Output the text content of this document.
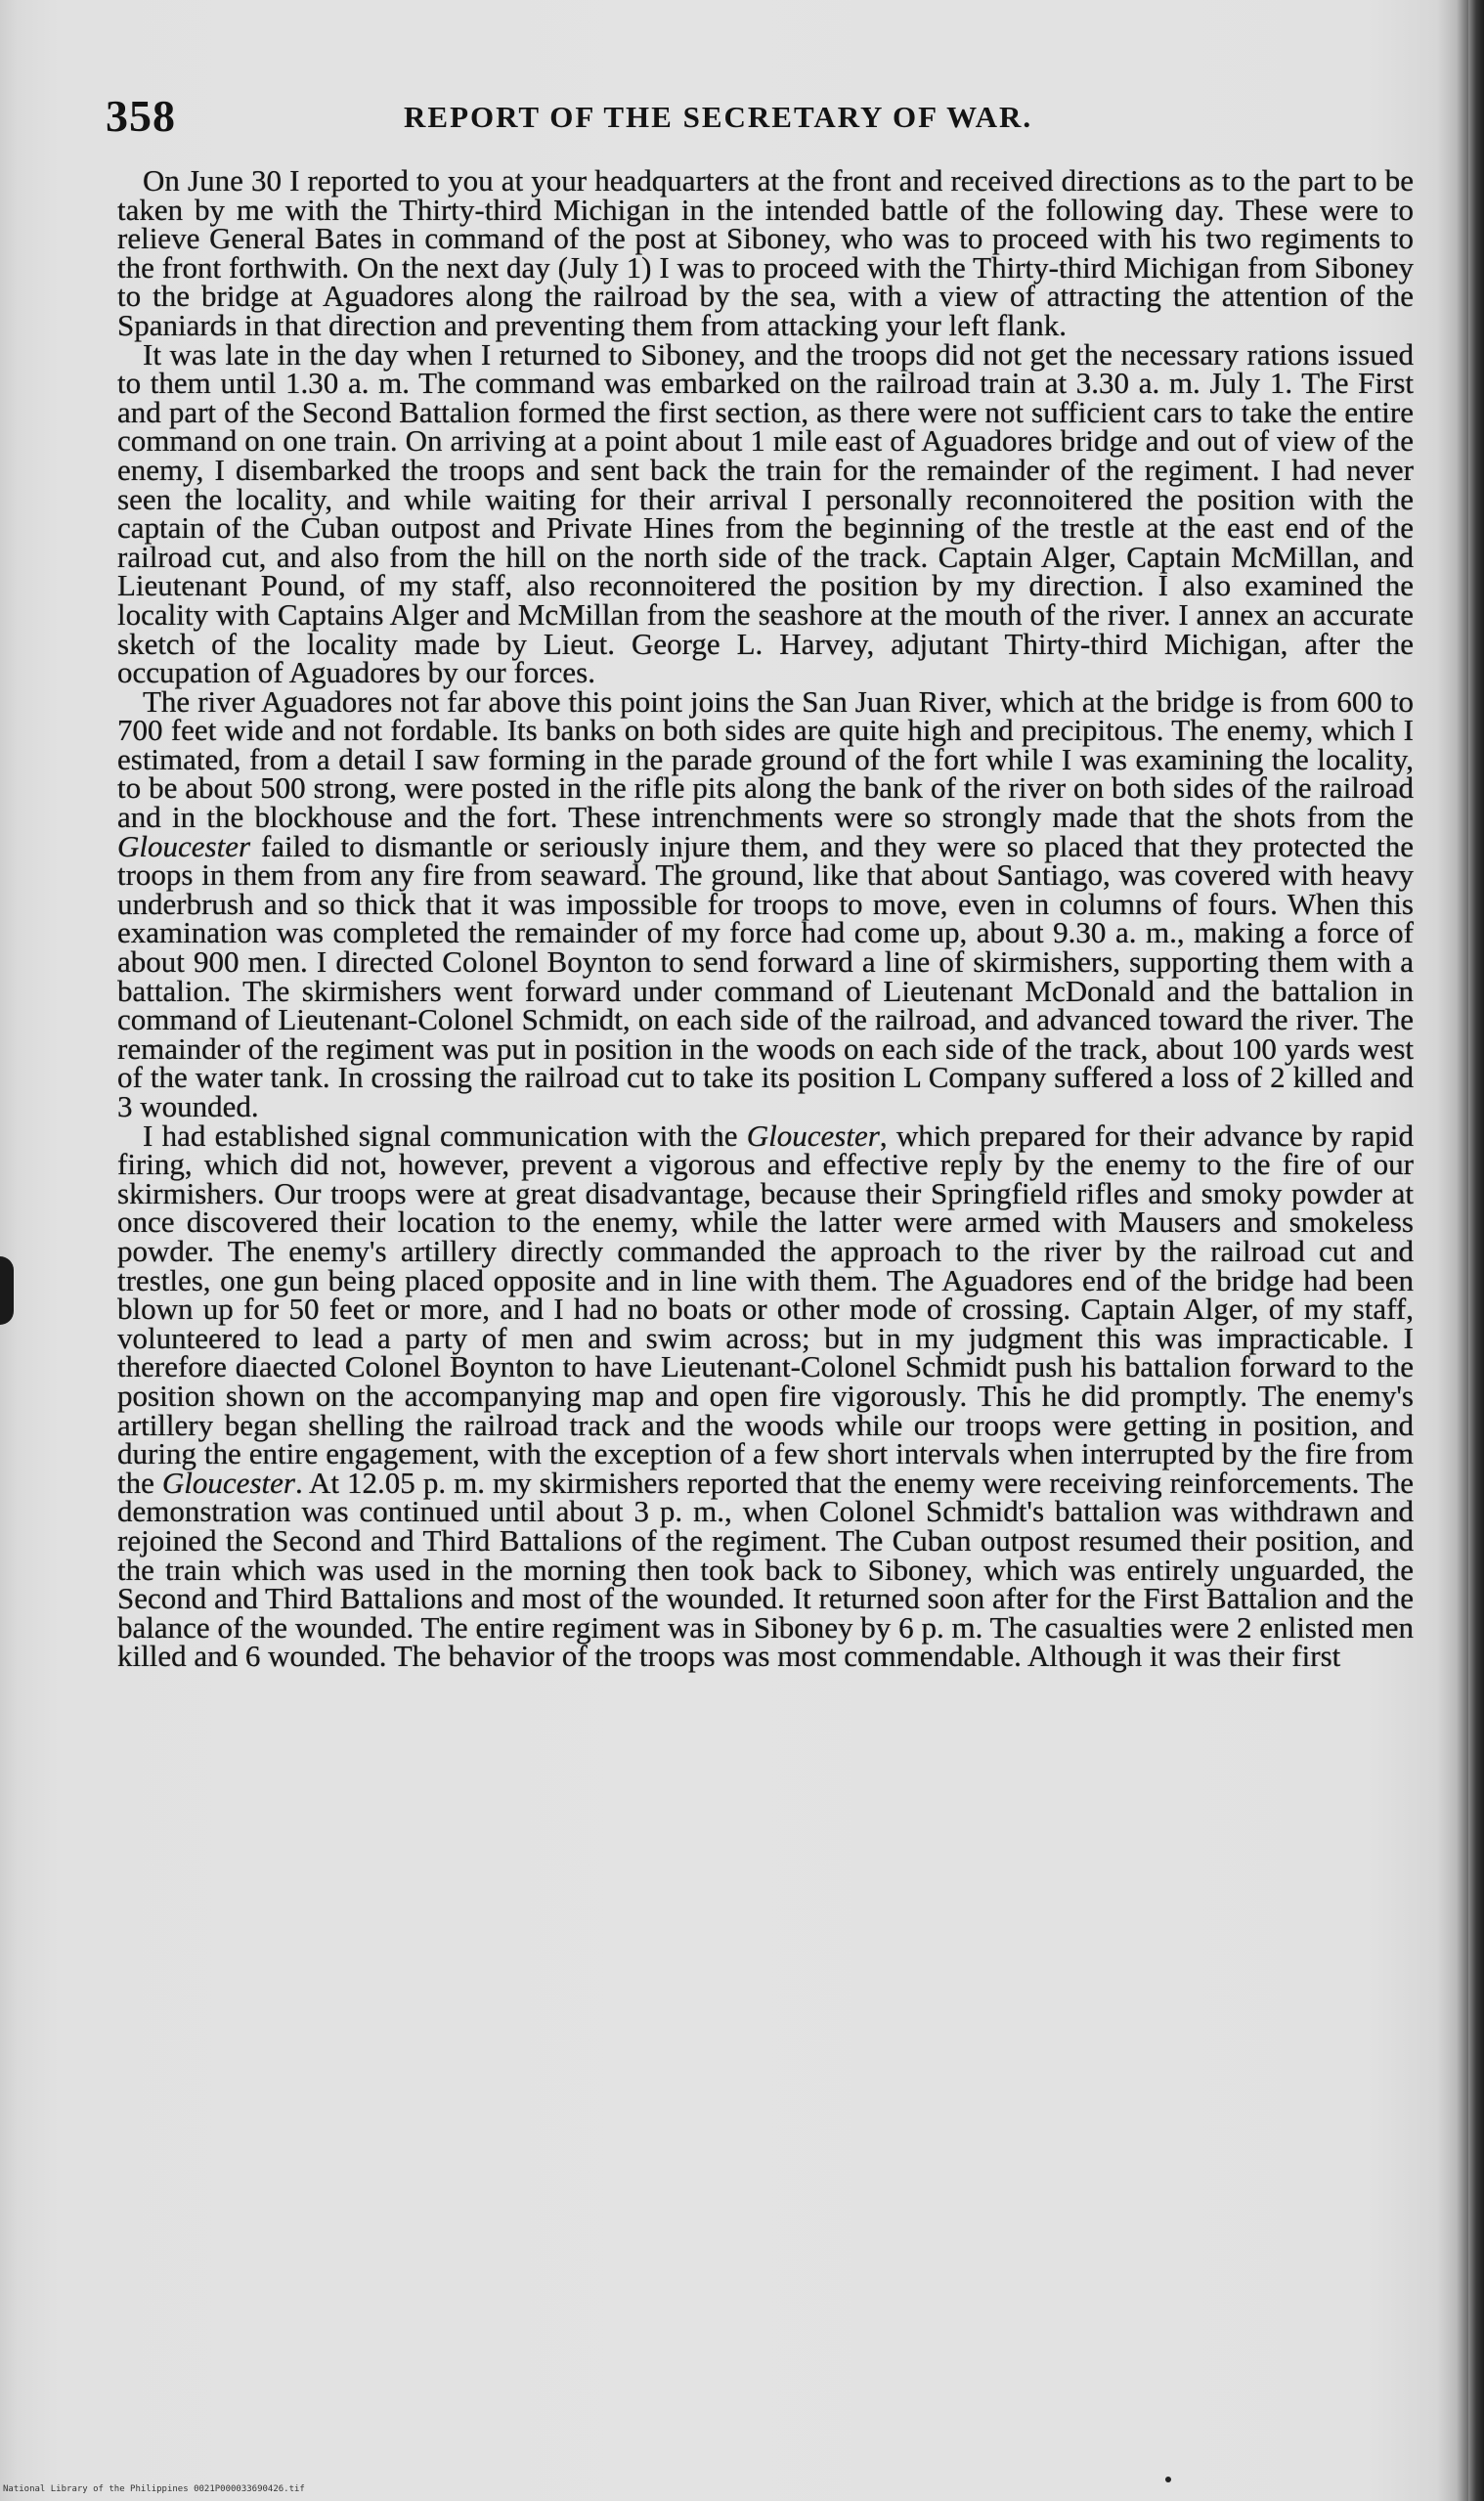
358	REPORT OF THE SECRETARY OF WAR.

On June 30 I reported to you at your headquarters at the front and received directions as to the part to be taken by me with the Thirty-third Michigan in the intended battle of the following day. These were to relieve General Bates in command of the post at Siboney, who was to proceed with his two regiments to the front forthwith. On the next day (July 1) I was to proceed with the Thirty-third Michigan from Siboney to the bridge at Aguadores along the railroad by the sea, with a view of attracting the attention of the Spaniards in that direction and preventing them from attacking your left flank.

It was late in the day when I returned to Siboney, and the troops did not get the necessary rations issued to them until 1.30 a. m. The command was embarked on the railroad train at 3.30 a. m. July 1. The First and part of the Second Battalion formed the first section, as there were not sufficient cars to take the entire command on one train. On arriving at a point about 1 mile east of Aguadores bridge and out of view of the enemy, I disembarked the troops and sent back the train for the remainder of the regiment. I had never seen the locality, and while waiting for their arrival I personally reconnoitered the position with the captain of the Cuban outpost and Private Hines from the beginning of the trestle at the east end of the railroad cut, and also from the hill on the north side of the track. Captain Alger, Captain McMillan, and Lieutenant Pound, of my staff, also reconnoitered the position by my direction. I also examined the locality with Captains Alger and McMillan from the seashore at the mouth of the river. I annex an accurate sketch of the locality made by Lieut. George L. Harvey, adjutant Thirty-third Michigan, after the occupation of Aguadores by our forces.

The river Aguadores not far above this point joins the San Juan River, which at the bridge is from 600 to 700 feet wide and not fordable. Its banks on both sides are quite high and precipitous. The enemy, which I estimated, from a detail I saw forming in the parade ground of the fort while I was examining the locality, to be about 500 strong, were posted in the rifle pits along the bank of the river on both sides of the railroad and in the blockhouse and the fort. These intrenchments were so strongly made that the shots from the Gloucester failed to dismantle or seriously injure them, and they were so placed that they protected the troops in them from any fire from seaward. The ground, like that about Santiago, was covered with heavy underbrush and so thick that it was impossible for troops to move, even in columns of fours. When this examination was completed the remainder of my force had come up, about 9.30 a. m., making a force of about 900 men. I directed Colonel Boynton to send forward a line of skirmishers, supporting them with a battalion. The skirmishers went forward under command of Lieutenant McDonald and the battalion in command of Lieutenant-Colonel Schmidt, on each side of the railroad, and advanced toward the river. The remainder of the regiment was put in position in the woods on each side of the track, about 100 yards west of the water tank. In crossing the railroad cut to take its position L Company suffered a loss of 2 killed and 3 wounded.

I had established signal communication with the Gloucester, which prepared for their advance by rapid firing, which did not, however, prevent a vigorous and effective reply by the enemy to the fire of our skirmishers. Our troops were at great disadvantage, because their Springfield rifles and smoky powder at once discovered their location to the enemy, while the latter were armed with Mausers and smokeless powder. The enemy's artillery directly commanded the approach to the river by the railroad cut and trestles, one gun being placed opposite and in line with them. The Aguadores end of the bridge had been blown up for 50 feet or more, and I had no boats or other mode of crossing. Captain Alger, of my staff, volunteered to lead a party of men and swim across; but in my judgment this was impracticable. I therefore diaected Colonel Boynton to have Lieutenant-Colonel Schmidt push his battalion forward to the position shown on the accompanying map and open fire vigorously. This he did promptly. The enemy's artillery began shelling the railroad track and the woods while our troops were getting in position, and during the entire engagement, with the exception of a few short intervals when interrupted by the fire from the Gloucester. At 12.05 p. m. my skirmishers reported that the enemy were receiving reinforcements. The demonstration was continued until about 3 p. m., when Colonel Schmidt's battalion was withdrawn and rejoined the Second and Third Battalions of the regiment. The Cuban outpost resumed their position, and the train which was used in the morning then took back to Siboney, which was entirely unguarded, the Second and Third Battalions and most of the wounded. It returned soon after for the First Battalion and the balance of the wounded. The entire regiment was in Siboney by 6 p. m. The casualties were 2 enlisted men killed and 6 wounded. The behavior of the troops was most commendable. Although it was their first

National Library of the Philippines 0021P000033690426.tif
